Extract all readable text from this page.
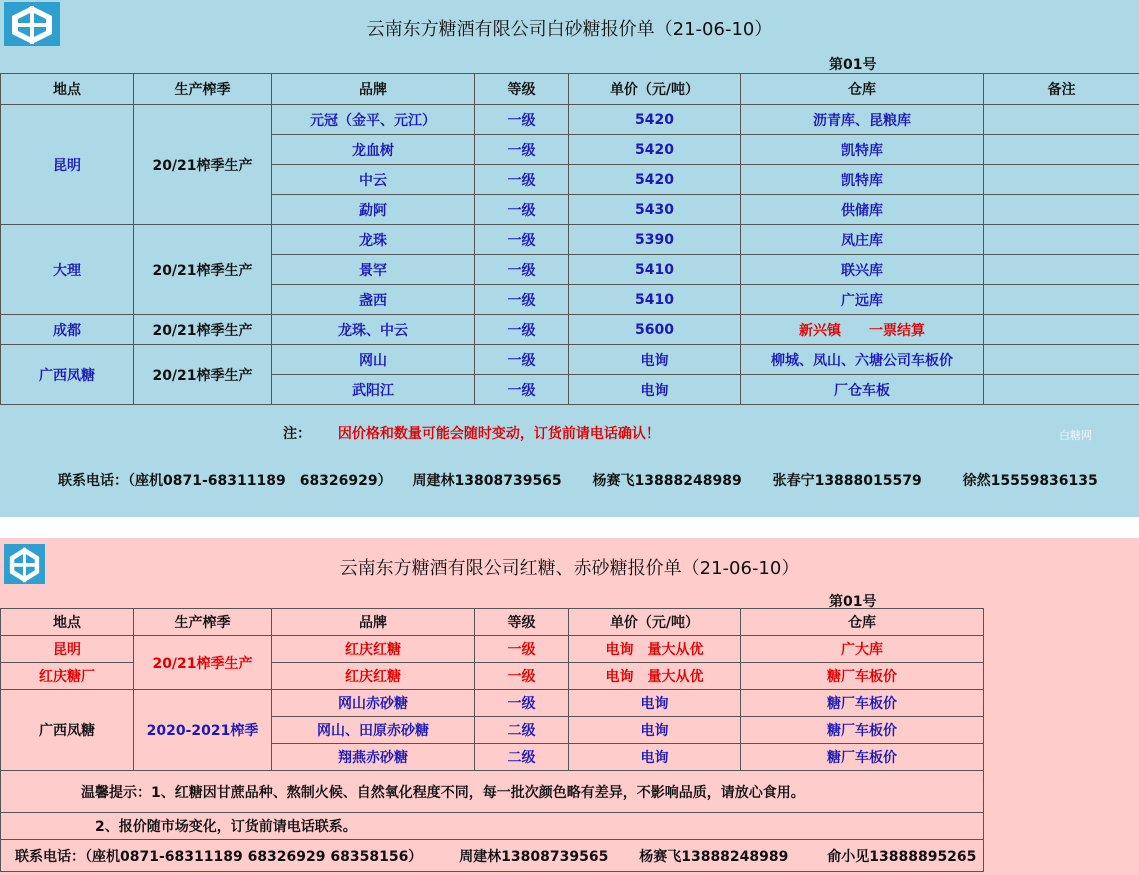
云南东方糖酒有限公司白砂糖报价单（21-06-10）
第01号
地点	生产榨季	品牌	等级	单价（元/吨）	仓库	备注
昆明	20/21榨季生产	元冠（金平、元江）	一级	5420	沥青库、昆粮库	
		龙血树	一级	5420	凯特库	
		中云	一级	5420	凯特库	
		勐阿	一级	5430	供储库	
大理	20/21榨季生产	龙珠	一级	5390	凤庄库	
		景罕	一级	5410	联兴库	
		盏西	一级	5410	广远库	
成都	20/21榨季生产	龙珠、中云	一级	5600	新兴镇　　一票结算	
广西凤糖	20/21榨季生产	网山	一级	电询	柳城、凤山、六塘公司车板价	
		武阳江	一级	电询	厂仓车板	
注： 因价格和数量可能会随时变动，订货前请电话确认！	白糖网
联系电话：（座机0871-68311189　68326929） 周建林13808739565 杨赛飞13888248989 张春宁13888015579	徐然15559836135
云南东方糖酒有限公司红糖、赤砂糖报价单（21-06-10）
第01号
地点	生产榨季	品牌	等级	单价（元/吨）	仓库
昆明	20/21榨季生产	红庆红糖	一级	电询　量大从优	广大库
红庆糖厂		红庆红糖	一级	电询　量大从优	糖厂车板价
广西凤糖	2020-2021榨季	网山赤砂糖	一级	电询	糖厂车板价
		网山、田原赤砂糖	二级	电询	糖厂车板价
		翔燕赤砂糖	二级	电询	糖厂车板价
温馨提示：1、红糖因甘蔗品种、熬制火候、自然氧化程度不同，每一批次颜色略有差异，不影响品质，请放心食用。					
2、报价随市场变化，订货前请电话联系。					
联系电话：（座机0871-68311189 68326929 68358156） 周建林13808739565 杨赛飞13888248989 俞小见13888895265					
